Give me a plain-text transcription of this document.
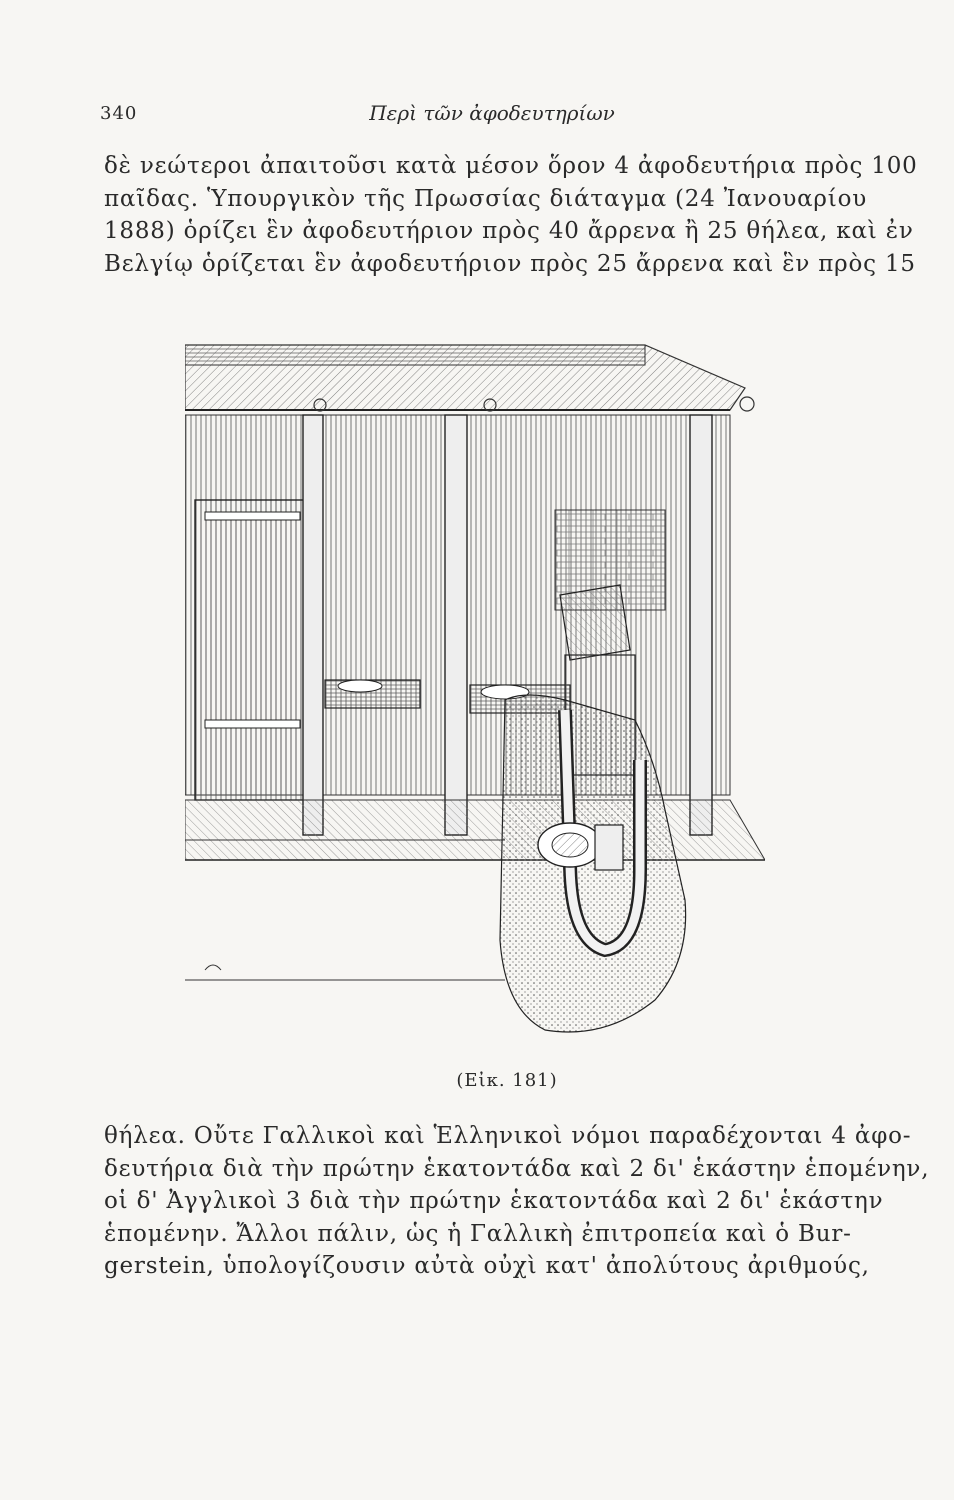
340	Περὶ τῶν ἀφοδευτηρίων
δὲ νεώτεροι ἀπαιτοῦσι κατὰ μέσον ὅρον 4 ἀφοδευτήρια πρὸς 100
παῖδας. Ὑπουργικὸν τῆς Πρωσσίας διάταγμα (24 Ἰανουαρίου
1888) ὁρίζει ἓν ἀφοδευτήριον πρὸς 40 ἄρρενα ἢ 25 θήλεα, καὶ ἐν
Βελγίῳ ὁρίζεται ἓν ἀφοδευτήριον πρὸς 25 ἄρρενα καὶ ἓν πρὸς 15
(Εἰκ. 181)
θήλεα. Οὔτε Γαλλικοὶ καὶ Ἑλληνικοὶ νόμοι παραδέχονται 4 ἀφο-
δευτήρια διὰ τὴν πρώτην ἑκατοντάδα καὶ 2 δι' ἑκάστην ἑπομένην,
οἱ δ' Ἀγγλικοὶ 3 διὰ τὴν πρώτην ἑκατοντάδα καὶ 2 δι' ἑκάστην
ἑπομένην. Ἄλλοι πάλιν, ὡς ἡ Γαλλικὴ ἐπιτροπεία καὶ ὁ Bur-
gerstein, ὑπολογίζουσιν αὐτὰ οὐχὶ κατ' ἀπολύτους ἀριθμούς,
